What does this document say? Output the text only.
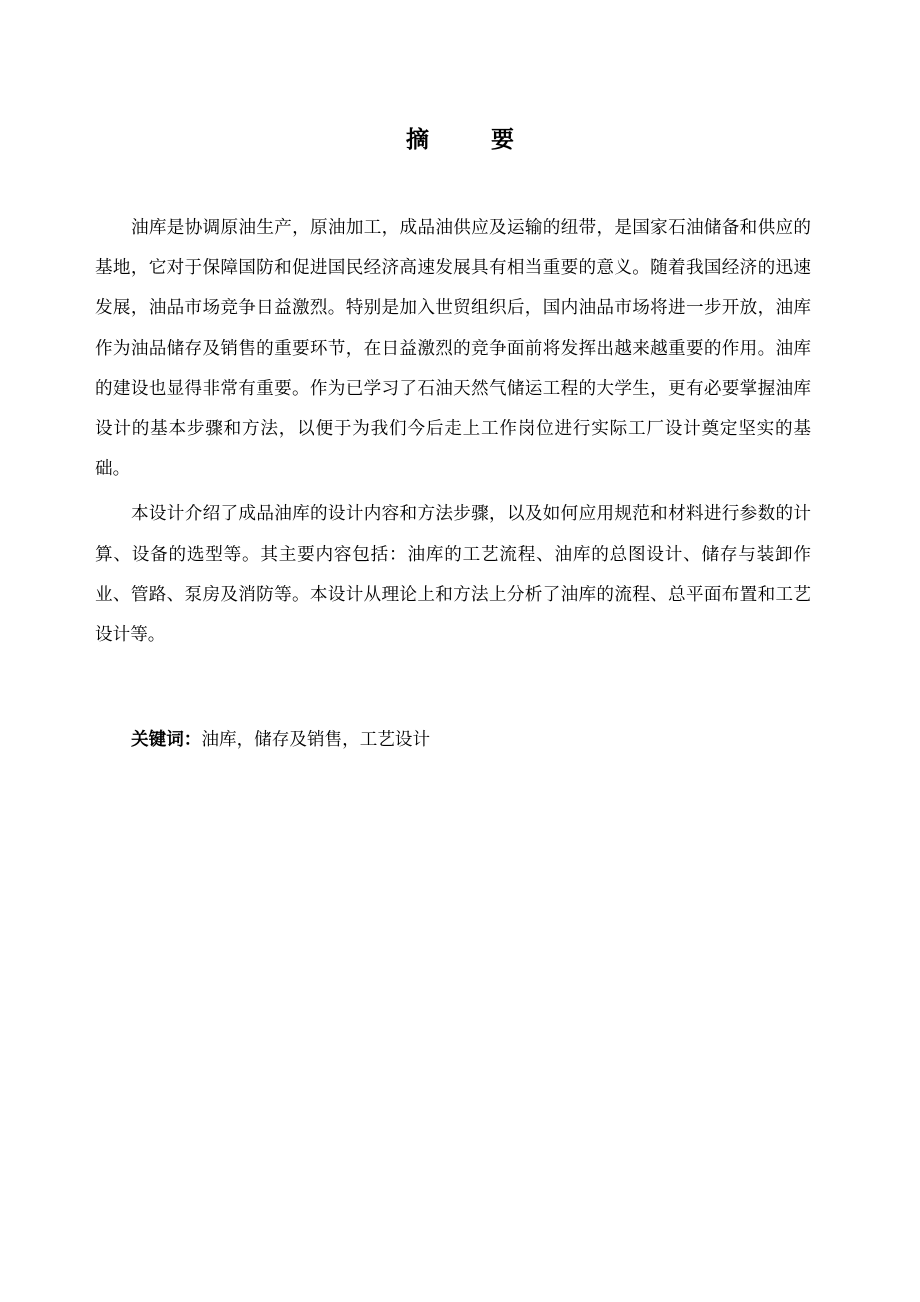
摘要

油库是协调原油生产，原油加工，成品油供应及运输的纽带，是国家石油储备和供应的基地，它对于保障国防和促进国民经济高速发展具有相当重要的意义。随着我国经济的迅速发展，油品市场竞争日益激烈。特别是加入世贸组织后，国内油品市场将进一步开放，油库作为油品储存及销售的重要环节，在日益激烈的竞争面前将发挥出越来越重要的作用。油库的建设也显得非常有重要。作为已学习了石油天然气储运工程的大学生，更有必要掌握油库设计的基本步骤和方法，以便于为我们今后走上工作岗位进行实际工厂设计奠定坚实的基础。

本设计介绍了成品油库的设计内容和方法步骤，以及如何应用规范和材料进行参数的计算、设备的选型等。其主要内容包括：油库的工艺流程、油库的总图设计、储存与装卸作业、管路、泵房及消防等。本设计从理论上和方法上分析了油库的流程、总平面布置和工艺设计等。

关键词：油库，储存及销售，工艺设计
